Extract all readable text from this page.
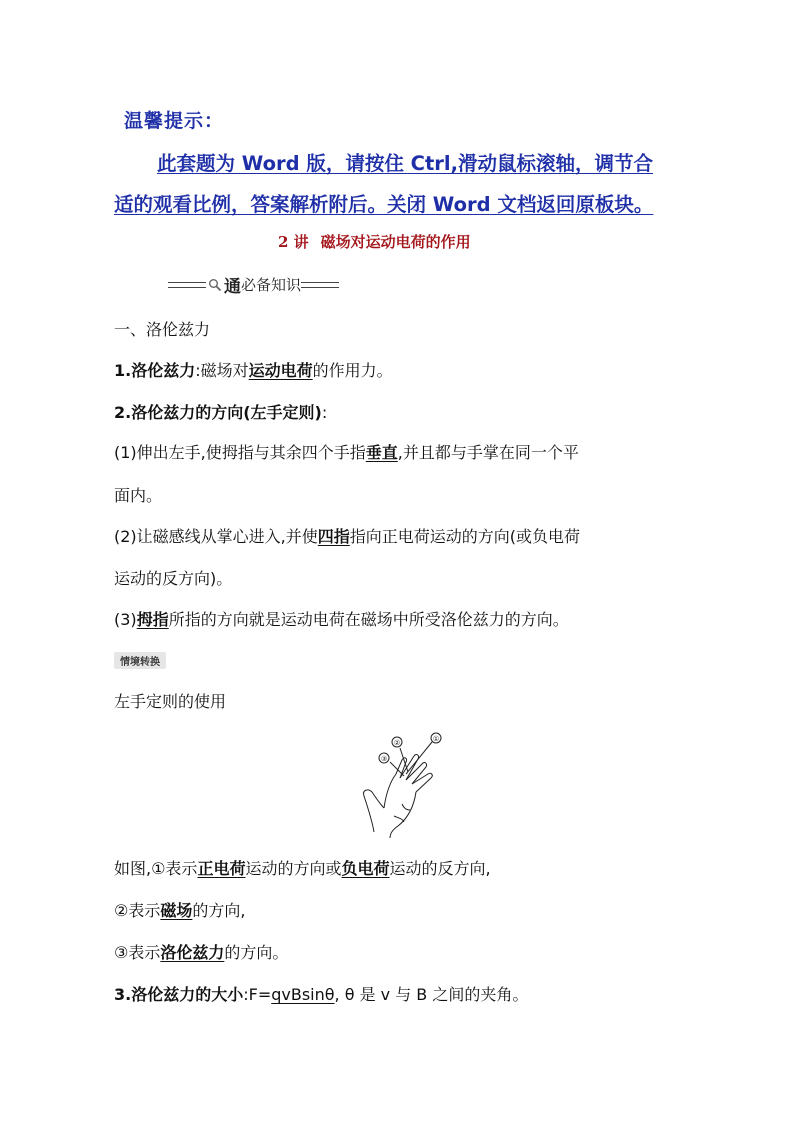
温馨提示：
此套题为 Word 版，请按住 Ctrl,滑动鼠标滚轴，调节合
适的观看比例，答案解析附后。关闭 Word 文档返回原板块。
2 讲 磁场对运动电荷的作用
通 必备知识
一、洛伦兹力
1.洛伦兹力:磁场对运动电荷的作用力。
2.洛伦兹力的方向(左手定则):
(1)伸出左手,使拇指与其余四个手指垂直,并且都与手掌在同一个平
面内。
(2)让磁感线从掌心进入,并使四指指向正电荷运动的方向(或负电荷
运动的反方向)。
(3)拇指所指的方向就是运动电荷在磁场中所受洛伦兹力的方向。
情境转换
左手定则的使用
①
②
③
如图,①表示正电荷运动的方向或负电荷运动的反方向,
②表示磁场的方向,
③表示洛伦兹力的方向。
3.洛伦兹力的大小:F=qvBsinθ, θ 是 v 与 B 之间的夹角。
